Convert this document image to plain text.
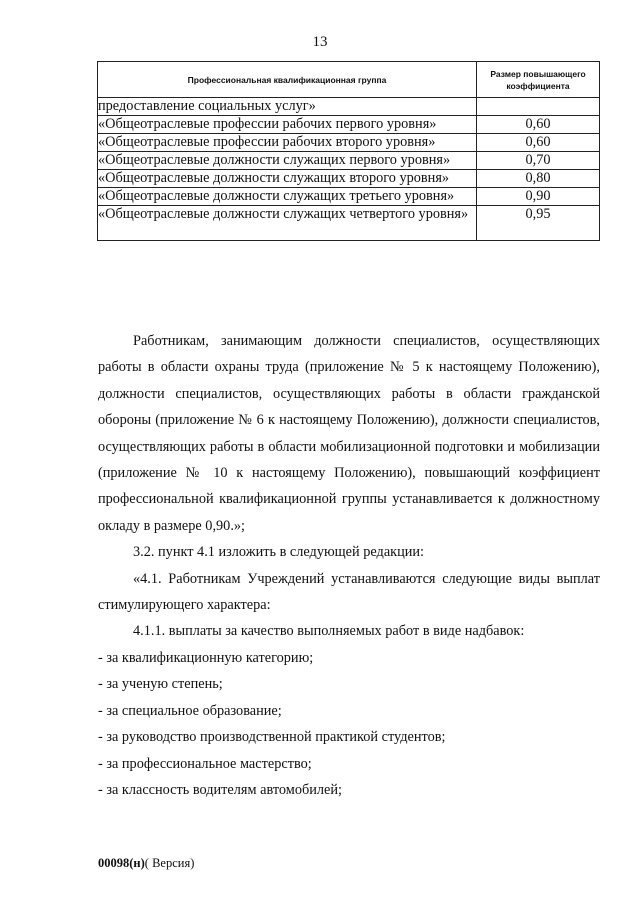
13
Профессиональная квалификационная группа	Размер повышающего коэффициента
предоставление социальных услуг»	
«Общеотраслевые профессии рабочих первого уровня»	0,60
«Общеотраслевые профессии рабочих второго уровня»	0,60
«Общеотраслевые должности служащих первого уровня»	0,70
«Общеотраслевые должности служащих второго уровня»	0,80
«Общеотраслевые должности служащих третьего уровня»	0,90
«Общеотраслевые должности служащих четвертого уровня»	0,95

Работникам, занимающим должности специалистов, осуществляющих работы в области охраны труда (приложение № 5 к настоящему Положению), должности специалистов, осуществляющих работы в области гражданской обороны (приложение № 6 к настоящему Положению), должности специалистов, осуществляющих работы в области мобилизационной подготовки и мобилизации (приложение № 10 к настоящему Положению), повышающий коэффициент профессиональной квалификационной группы устанавливается к должностному окладу в размере 0,90.»;

3.2. пункт 4.1 изложить в следующей редакции:

«4.1. Работникам Учреждений устанавливаются следующие виды выплат стимулирующего характера:

4.1.1. выплаты за качество выполняемых работ в виде надбавок:

- за квалификационную категорию;

- за ученую степень;

- за специальное образование;

- за руководство производственной практикой студентов;

- за профессиональное мастерство;

- за классность водителям автомобилей;

00098(н)( Версия)
